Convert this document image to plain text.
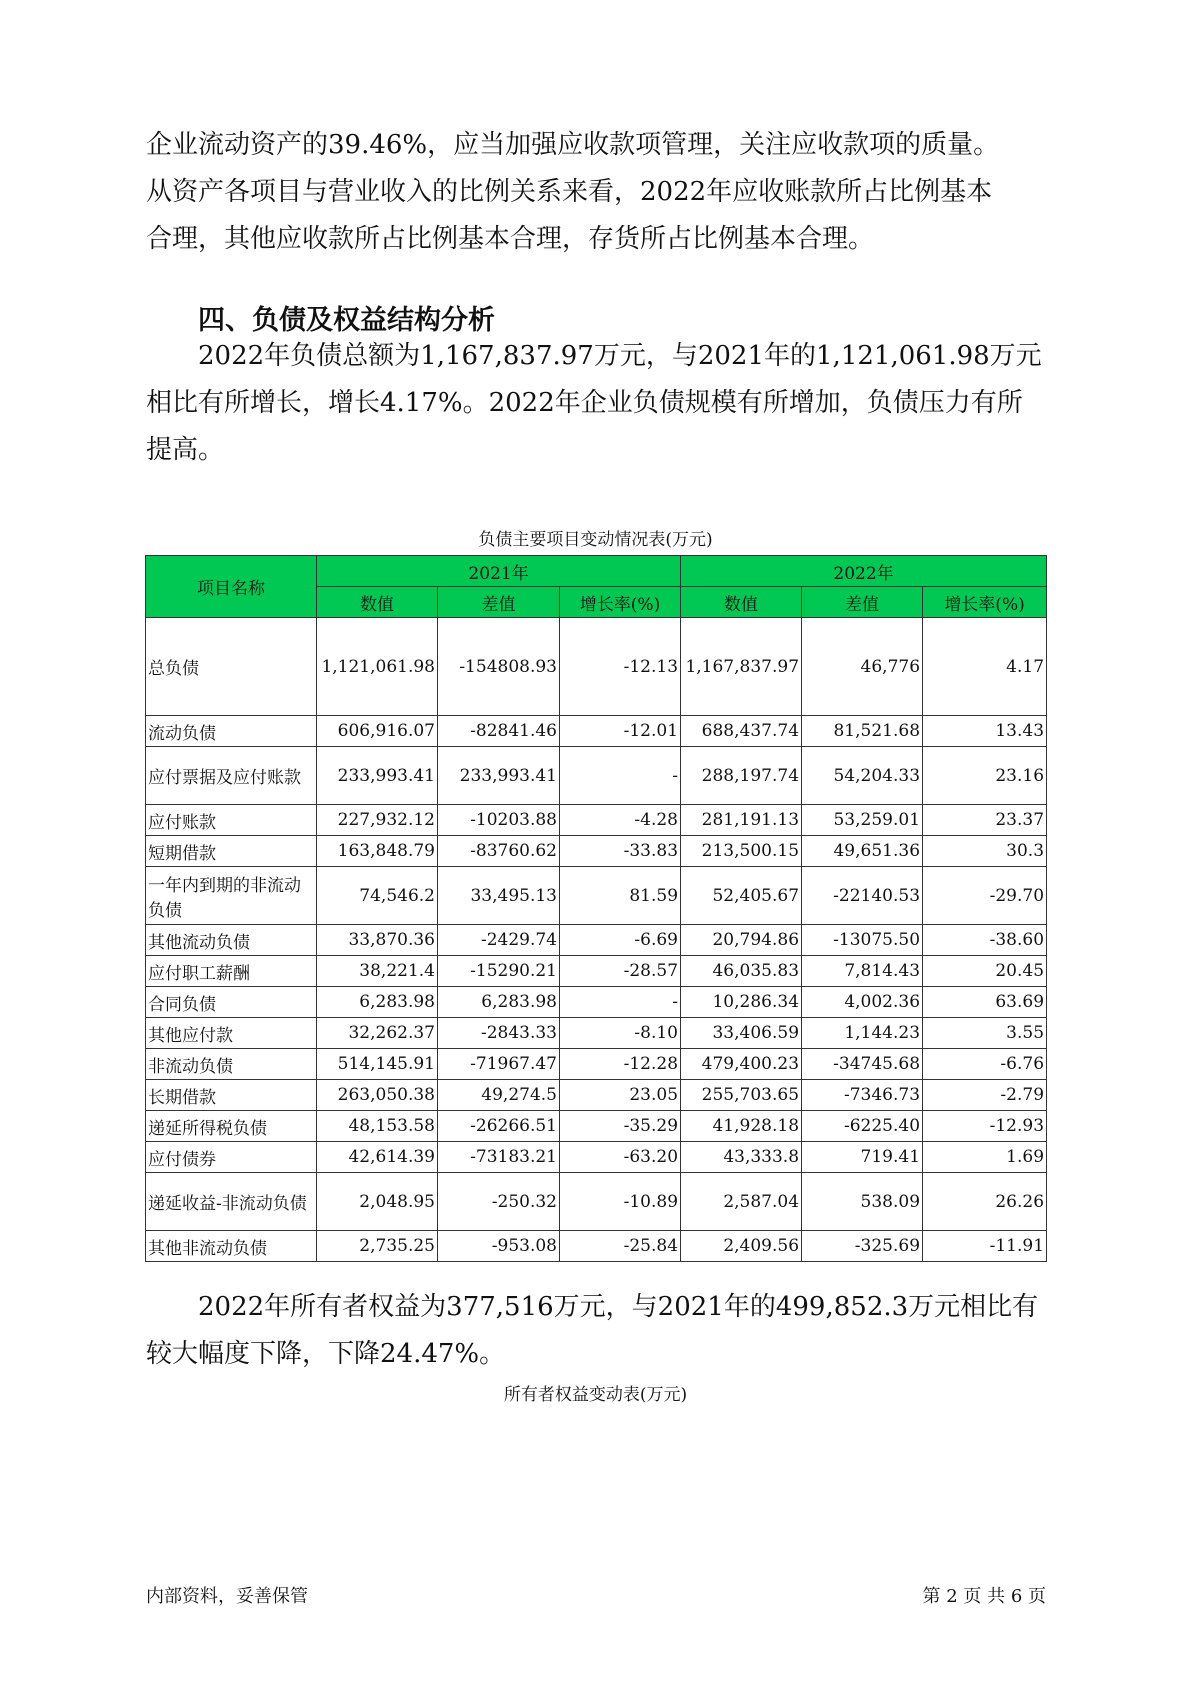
企业流动资产的39.46%，应当加强应收款项管理，关注应收款项的质量。
从资产各项目与营业收入的比例关系来看，2022年应收账款所占比例基本
合理，其他应收款所占比例基本合理，存货所占比例基本合理。
四、负债及权益结构分析
2022年负债总额为1,167,837.97万元，与2021年的1,121,061.98万元
相比有所增长，增长4.17%。2022年企业负债规模有所增加，负债压力有所
提高。

负债主要项目变动情况表(万元)

项目名称	2021年			2022年		
	数值	差值	增长率(%)	数值	差值	增长率(%)
总负债	1,121,061.98	-154808.93	-12.13	1,167,837.97	46,776	4.17
流动负债	606,916.07	-82841.46	-12.01	688,437.74	81,521.68	13.43
应付票据及应付账款	233,993.41	233,993.41	-	288,197.74	54,204.33	23.16
应付账款	227,932.12	-10203.88	-4.28	281,191.13	53,259.01	23.37
短期借款	163,848.79	-83760.62	-33.83	213,500.15	49,651.36	30.3
一年内到期的非流动负债	74,546.2	33,495.13	81.59	52,405.67	-22140.53	-29.70
其他流动负债	33,870.36	-2429.74	-6.69	20,794.86	-13075.50	-38.60
应付职工薪酬	38,221.4	-15290.21	-28.57	46,035.83	7,814.43	20.45
合同负债	6,283.98	6,283.98	-	10,286.34	4,002.36	63.69
其他应付款	32,262.37	-2843.33	-8.10	33,406.59	1,144.23	3.55
非流动负债	514,145.91	-71967.47	-12.28	479,400.23	-34745.68	-6.76
长期借款	263,050.38	49,274.5	23.05	255,703.65	-7346.73	-2.79
递延所得税负债	48,153.58	-26266.51	-35.29	41,928.18	-6225.40	-12.93
应付债券	42,614.39	-73183.21	-63.20	43,333.8	719.41	1.69
递延收益-非流动负债	2,048.95	-250.32	-10.89	2,587.04	538.09	26.26
其他非流动负债	2,735.25	-953.08	-25.84	2,409.56	-325.69	-11.91
2022年所有者权益为377,516万元，与2021年的499,852.3万元相比有
较大幅度下降，下降24.47%。

所有者权益变动表(万元)

内部资料，妥善保管	第 2 页 共 6 页
